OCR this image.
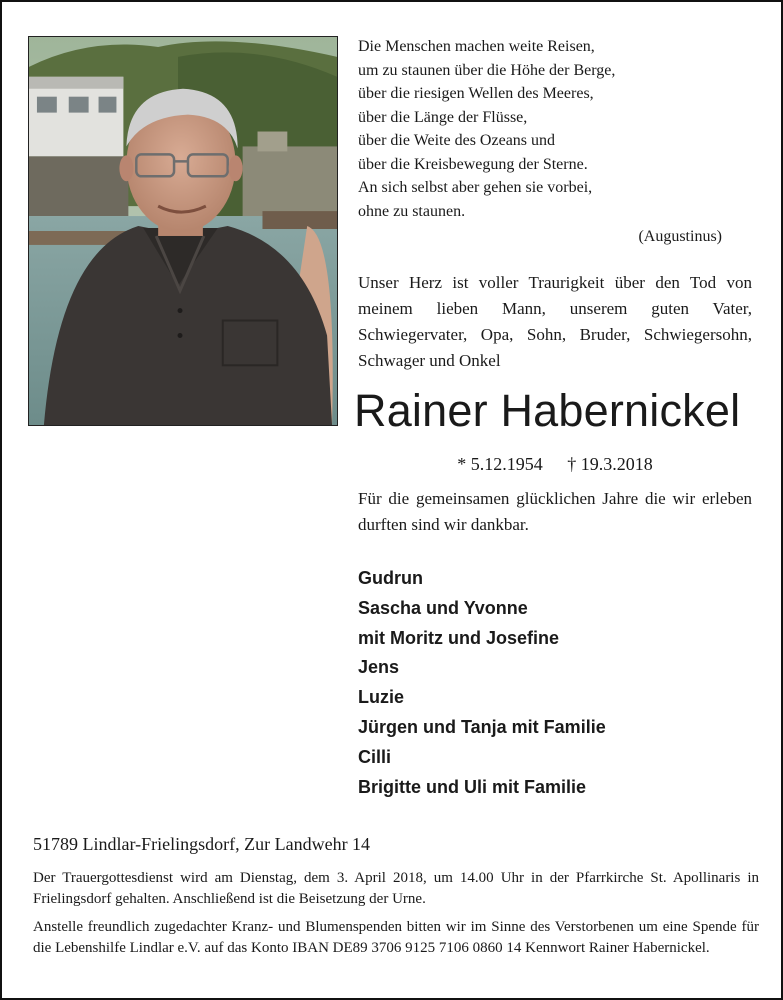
Die Menschen machen weite Reisen,
um zu staunen über die Höhe der Berge,
über die riesigen Wellen des Meeres,
über die Länge der Flüsse,
über die Weite des Ozeans und
über die Kreisbewegung der Sterne.
An sich selbst aber gehen sie vorbei,
ohne zu staunen.
(Augustinus)
Unser Herz ist voller Traurigkeit über den Tod von meinem lieben Mann, unserem guten Vater, Schwiegervater, Opa, Sohn, Bruder, Schwiegersohn, Schwager und Onkel
Rainer Habernickel
* 5.12.1954 † 19.3.2018
Für die gemeinsamen glücklichen Jahre die wir erleben durften sind wir dankbar.
Gudrun
Sascha und Yvonne
mit Moritz und Josefine
Jens
Luzie
Jürgen und Tanja mit Familie
Cilli
Brigitte und Uli mit Familie
51789 Lindlar-Frielingsdorf, Zur Landwehr 14
Der Trauergottesdienst wird am Dienstag, dem 3. April 2018, um 14.00 Uhr in der Pfarrkirche St. Apollinaris in Frielingsdorf gehalten. Anschließend ist die Beisetzung der Urne.
Anstelle freundlich zugedachter Kranz- und Blumenspenden bitten wir im Sinne des Verstorbenen um eine Spende für die Lebenshilfe Lindlar e.V. auf das Konto IBAN DE89 3706 9125 7106 0860 14 Kennwort Rainer Habernickel.
